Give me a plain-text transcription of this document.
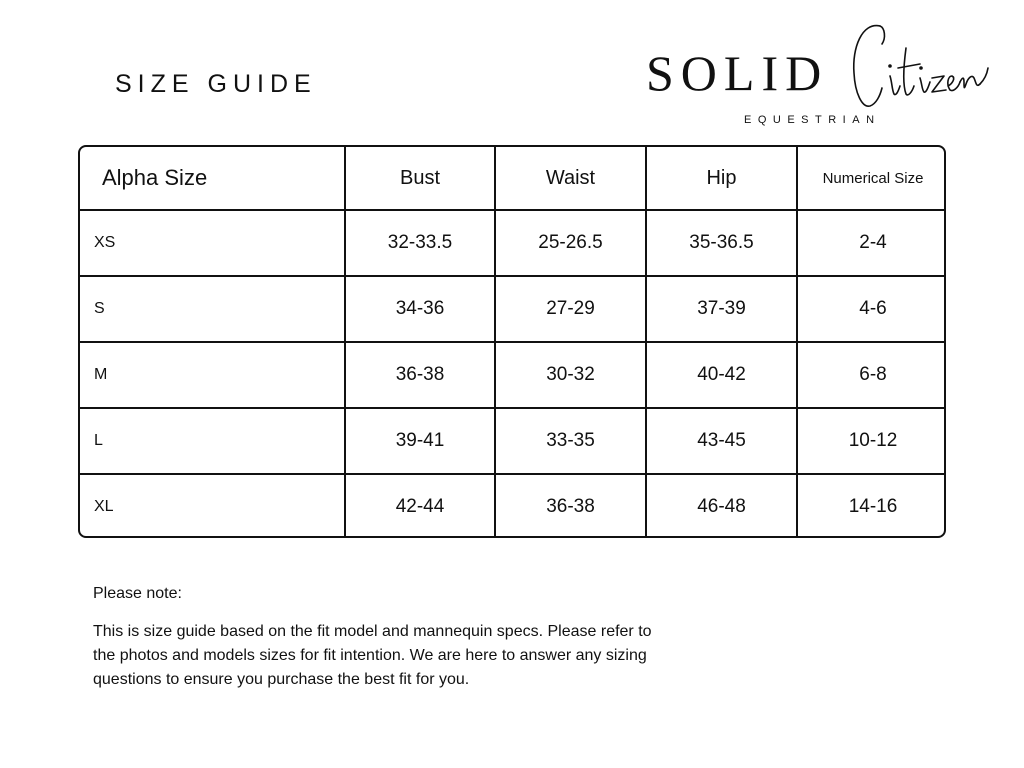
SIZE GUIDE	SOLID
EQUESTRIAN
Alpha Size	Bust	Waist	Hip	Numerical Size
XS	32-33.5	25-26.5	35-36.5	2-4
S	34-36	27-29	37-39	4-6
M	36-38	30-32	40-42	6-8
L	39-41	33-35	43-45	10-12
XL	42-44	36-38	46-48	14-16
Please note:
This is size guide based on the fit model and mannequin specs. Please refer to the photos and models sizes for fit intention. We are here to answer any sizing questions to ensure you purchase the best fit for you.
